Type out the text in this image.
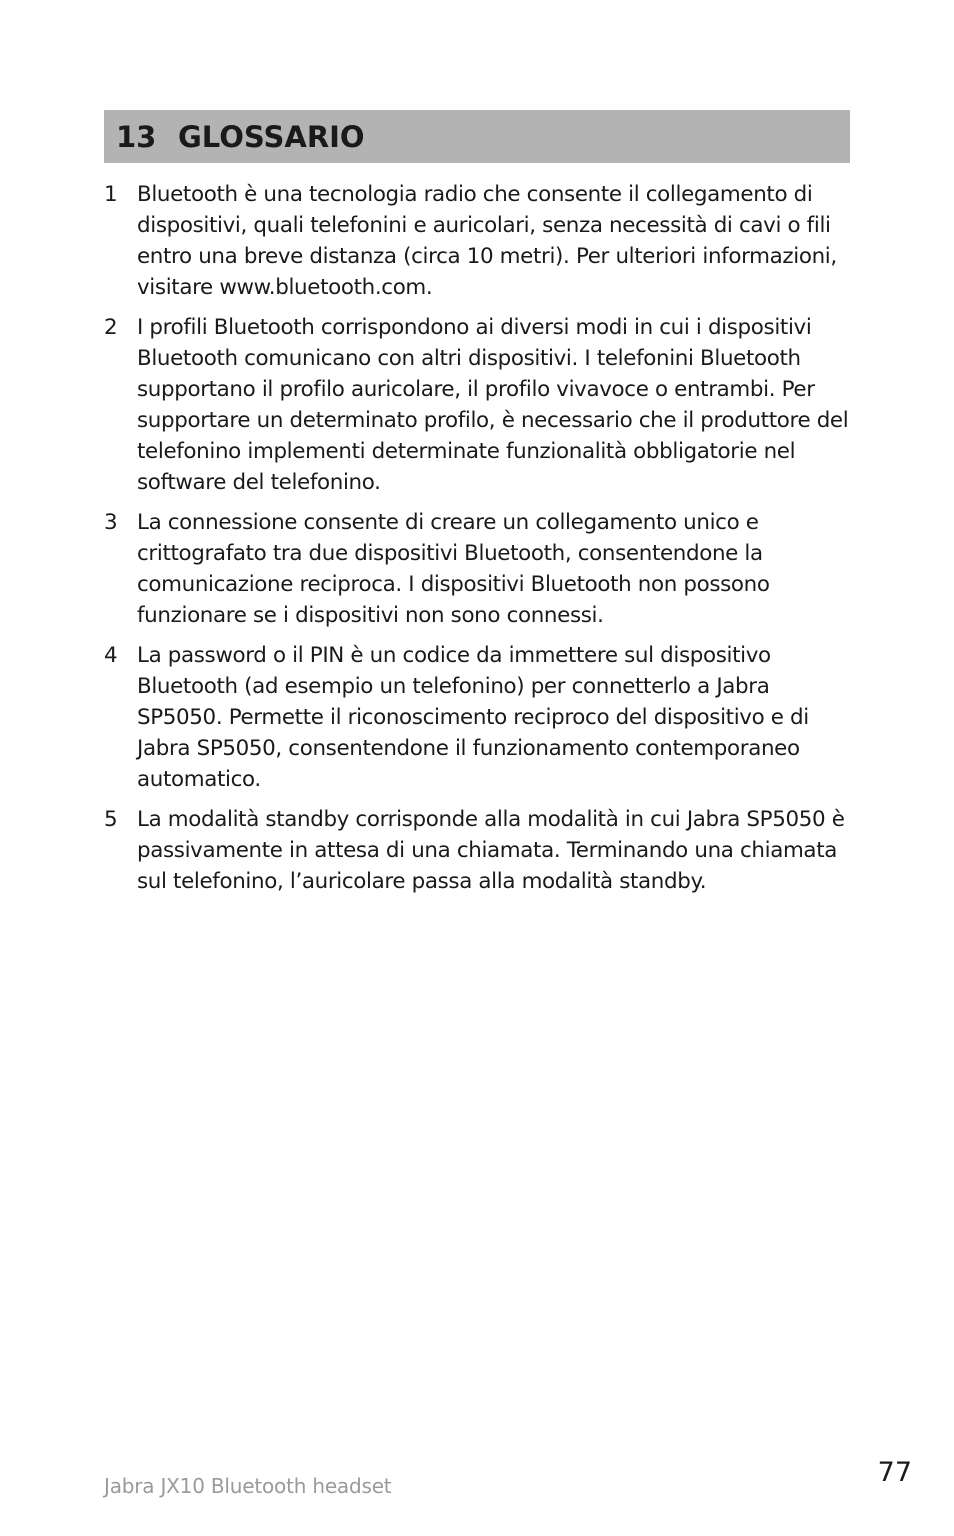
13 GLOSSARIO
1 Bluetooth è una tecnologia radio che consente il collegamento di dispositivi, quali telefonini e auricolari, senza necessità di cavi o fili entro una breve distanza (circa 10 metri). Per ulteriori informazioni, visitare www.bluetooth.com.
2 I profili Bluetooth corrispondono ai diversi modi in cui i dispositivi Bluetooth comunicano con altri dispositivi. I telefonini Bluetooth supportano il profilo auricolare, il profilo vivavoce o entrambi. Per supportare un determinato profilo, è necessario che il produttore del telefonino implementi determinate funzionalità obbligatorie nel software del telefonino.
3 La connessione consente di creare un collegamento unico e crittografato tra due dispositivi Bluetooth, consentendone la comunicazione reciproca. I dispositivi Bluetooth non possono funzionare se i dispositivi non sono connessi.
4 La password o il PIN è un codice da immettere sul dispositivo Bluetooth (ad esempio un telefonino) per connetterlo a Jabra SP5050. Permette il riconoscimento reciproco del dispositivo e di Jabra SP5050, consentendone il funzionamento contemporaneo automatico.
5 La modalità standby corrisponde alla modalità in cui Jabra SP5050 è passivamente in attesa di una chiamata. Terminando una chiamata sul telefonino, l’auricolare passa alla modalità standby.
Jabra JX10 Bluetooth headset	77
